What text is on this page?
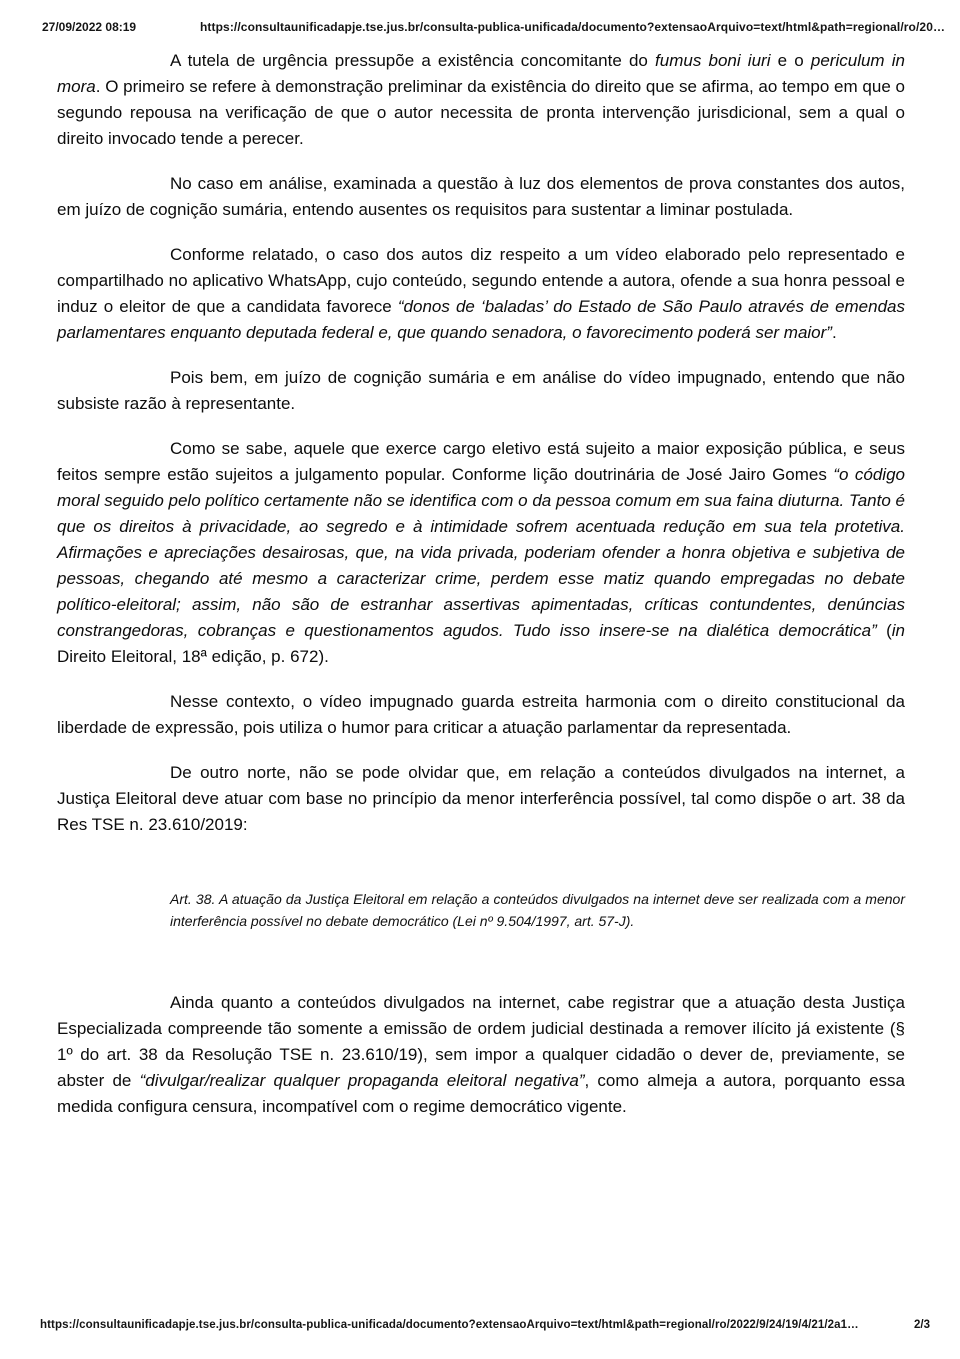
27/09/2022 08:19	https://consultaunificadapje.tse.jus.br/consulta-publica-unificada/documento?extensaoArquivo=text/html&path=regional/ro/20…

A tutela de urgência pressupõe a existência concomitante do fumus boni iuri e o periculum in mora. O primeiro se refere à demonstração preliminar da existência do direito que se afirma, ao tempo em que o segundo repousa na verificação de que o autor necessita de pronta intervenção jurisdicional, sem a qual o direito invocado tende a perecer.

No caso em análise, examinada a questão à luz dos elementos de prova constantes dos autos, em juízo de cognição sumária, entendo ausentes os requisitos para sustentar a liminar postulada.

Conforme relatado, o caso dos autos diz respeito a um vídeo elaborado pelo representado e compartilhado no aplicativo WhatsApp, cujo conteúdo, segundo entende a autora, ofende a sua honra pessoal e induz o eleitor de que a candidata favorece “donos de ‘baladas’ do Estado de São Paulo através de emendas parlamentares enquanto deputada federal e, que quando senadora, o favorecimento poderá ser maior”.

Pois bem, em juízo de cognição sumária e em análise do vídeo impugnado, entendo que não subsiste razão à representante.

Como se sabe, aquele que exerce cargo eletivo está sujeito a maior exposição pública, e seus feitos sempre estão sujeitos a julgamento popular. Conforme lição doutrinária de José Jairo Gomes “o código moral seguido pelo político certamente não se identifica com o da pessoa comum em sua faina diuturna. Tanto é que os direitos à privacidade, ao segredo e à intimidade sofrem acentuada redução em sua tela protetiva. Afirmações e apreciações desairosas, que, na vida privada, poderiam ofender a honra objetiva e subjetiva de pessoas, chegando até mesmo a caracterizar crime, perdem esse matiz quando empregadas no debate político-eleitoral; assim, não são de estranhar assertivas apimentadas, críticas contundentes, denúncias constrangedoras, cobranças e questionamentos agudos. Tudo isso insere-se na dialética democrática” (in Direito Eleitoral, 18ª edição, p. 672).

Nesse contexto, o vídeo impugnado guarda estreita harmonia com o direito constitucional da liberdade de expressão, pois utiliza o humor para criticar a atuação parlamentar da representada.

De outro norte, não se pode olvidar que, em relação a conteúdos divulgados na internet, a Justiça Eleitoral deve atuar com base no princípio da menor interferência possível, tal como dispõe o art. 38 da Res TSE n. 23.610/2019:

Art. 38. A atuação da Justiça Eleitoral em relação a conteúdos divulgados na internet deve ser realizada com a menor interferência possível no debate democrático (Lei nº 9.504/1997, art. 57-J).

Ainda quanto a conteúdos divulgados na internet, cabe registrar que a atuação desta Justiça Especializada compreende tão somente a emissão de ordem judicial destinada a remover ilícito já existente (§ 1º do art. 38 da Resolução TSE n. 23.610/19), sem impor a qualquer cidadão o dever de, previamente, se abster de “divulgar/realizar qualquer propaganda eleitoral negativa”, como almeja a autora, porquanto essa medida configura censura, incompatível com o regime democrático vigente.

https://consultaunificadapje.tse.jus.br/consulta-publica-unificada/documento?extensaoArquivo=text/html&path=regional/ro/2022/9/24/19/4/21/2a1…	2/3
